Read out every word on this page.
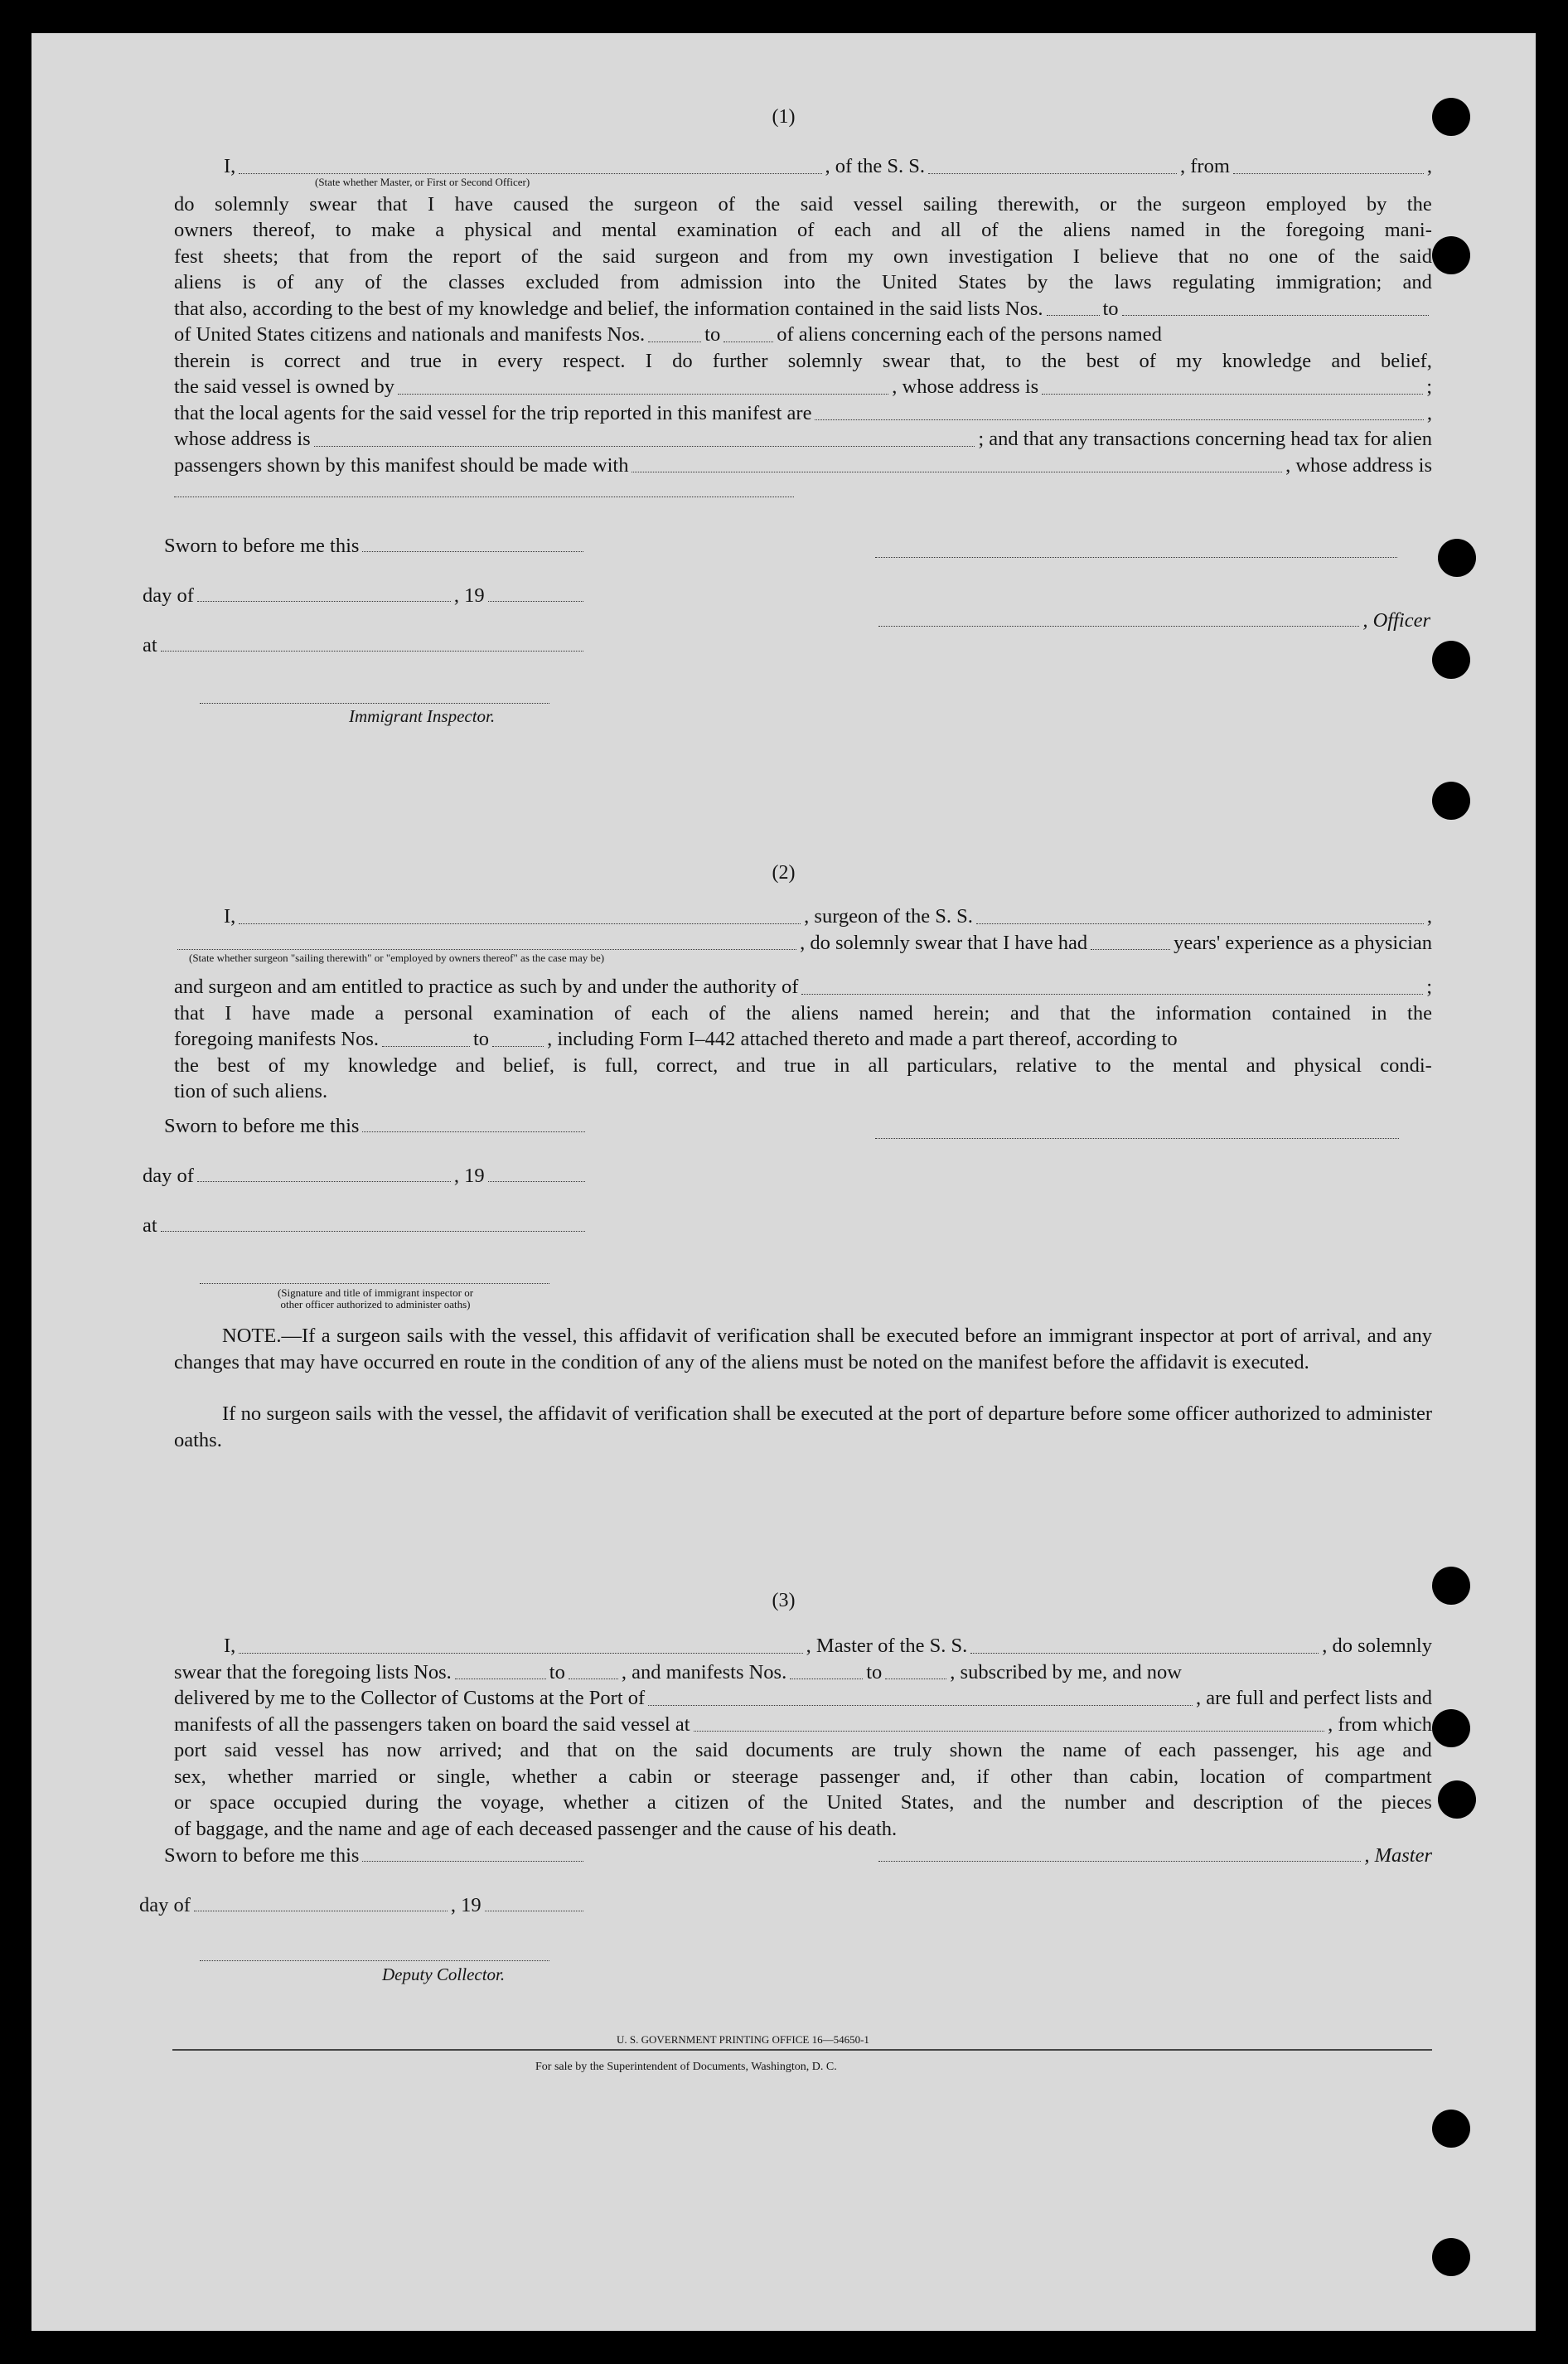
(1)
I,	, of the S. S.	, from	,
(State whether Master, or First or Second Officer)
do solemnly swear that I have caused the surgeon of the said vessel sailing therewith, or the surgeon employed by the
owners thereof, to make a physical and mental examination of each and all of the aliens named in the foregoing mani-
fest sheets; that from the report of the said surgeon and from my own investigation I believe that no one of the said
aliens is of any of the classes excluded from admission into the United States by the laws regulating immigration; and
that also, according to the best of my knowledge and belief, the information contained in the said lists Nos.	to
of United States citizens and nationals and manifests Nos.	to	of aliens concerning each of the persons named
therein is correct and true in every respect. I do further solemnly swear that, to the best of my knowledge and belief,
the said vessel is owned by	, whose address is	;
that the local agents for the said vessel for the trip reported in this manifest are	,
whose address is	; and that any transactions concerning head tax for alien
passengers shown by this manifest should be made with	, whose address is
Sworn to before me this
day of	, 19
, Officer
at
Immigrant Inspector.
(2)
I,	, surgeon of the S. S.	,
, do solemnly swear that I have had	years' experience as a physician
(State whether surgeon "sailing therewith" or "employed by owners thereof" as the case may be)
and surgeon and am entitled to practice as such by and under the authority of	;
that I have made a personal examination of each of the aliens named herein; and that the information contained in the
foregoing manifests Nos.	to	, including Form I–442 attached thereto and made a part thereof, according to
the best of my knowledge and belief, is full, correct, and true in all particulars, relative to the mental and physical condi-
tion of such aliens.
Sworn to before me this
day of	, 19
at
(Signature and title of immigrant inspector or
other officer authorized to administer oaths)
NOTE.—If a surgeon sails with the vessel, this affidavit of verification shall be executed before an immigrant inspector at port of arrival, and any changes that may have occurred en route in the condition of any of the aliens must be noted on the manifest before the affidavit is executed.
If no surgeon sails with the vessel, the affidavit of verification shall be executed at the port of departure before some officer authorized to administer oaths.
(3)
I,	, Master of the S. S.	, do solemnly
swear that the foregoing lists Nos.	to	, and manifests Nos.	to	, subscribed by me, and now
delivered by me to the Collector of Customs at the Port of	, are full and perfect lists and
manifests of all the passengers taken on board the said vessel at	, from which
port said vessel has now arrived; and that on the said documents are truly shown the name of each passenger, his age and
sex, whether married or single, whether a cabin or steerage passenger and, if other than cabin, location of compartment
or space occupied during the voyage, whether a citizen of the United States, and the number and description of the pieces
of baggage, and the name and age of each deceased passenger and the cause of his death.
Sworn to before me this	, Master
day of	, 19
Deputy Collector.
U. S. GOVERNMENT PRINTING OFFICE 16—54650-1
For sale by the Superintendent of Documents, Washington, D. C.
